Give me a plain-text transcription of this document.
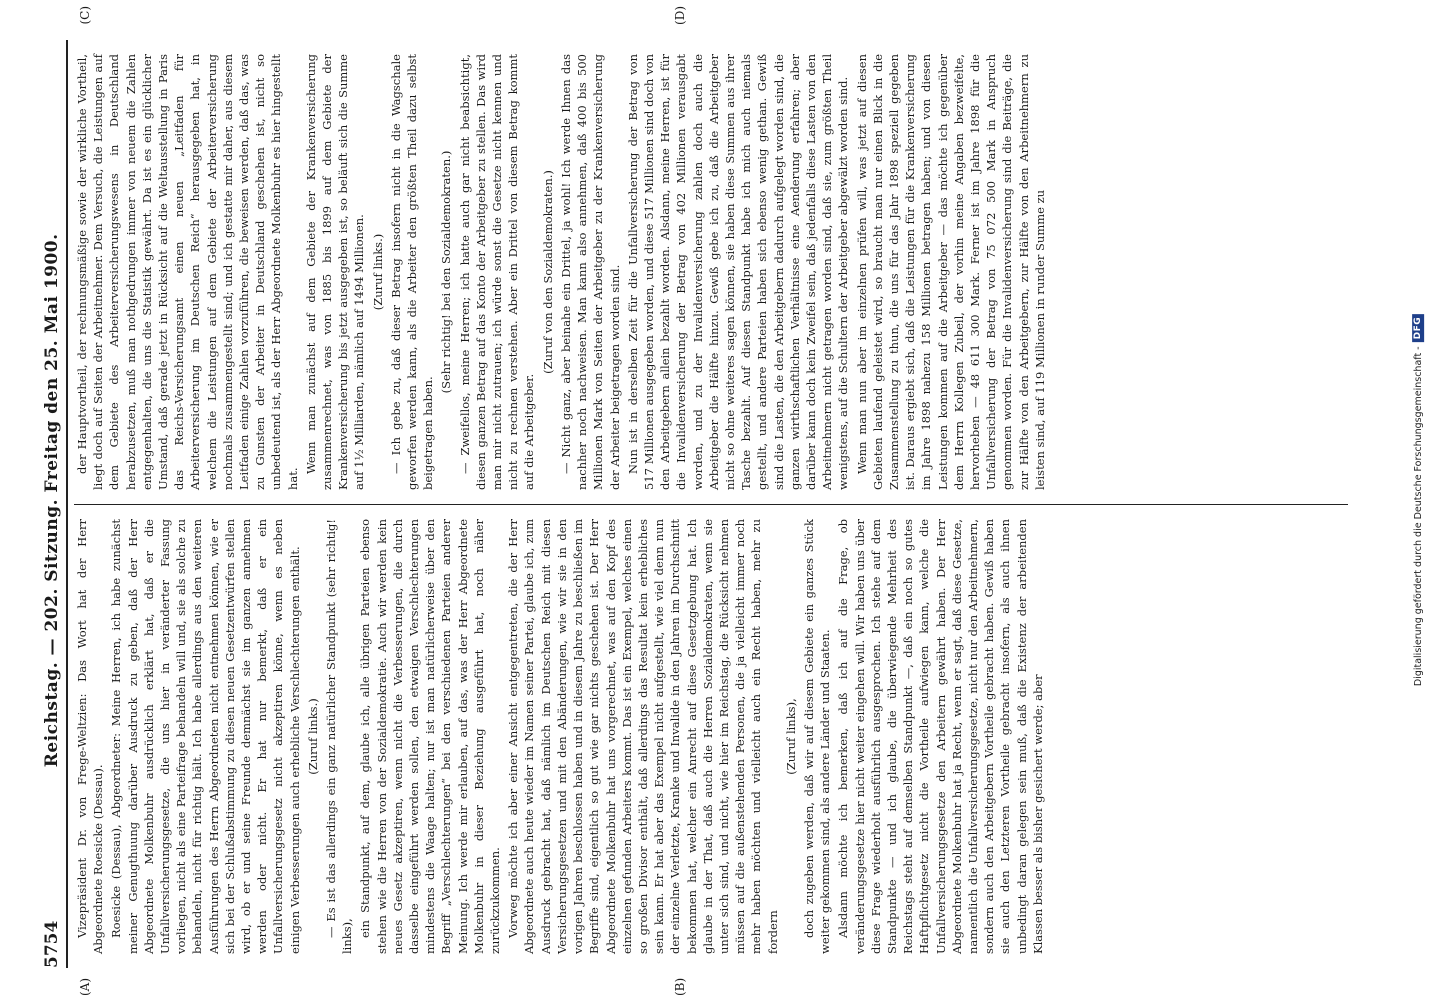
5754
Reichstag. — 202. Sitzung. Freitag den 25. Mai 1900.
(A)	(B)
(C)	(D)

Vizepräsident Dr. von Frege-Weltzien: Das Wort hat der Herr Abgeordnete Roesicke (Dessau). Roesicke (Dessau), Abgeordneter: Meine Herren, ich habe zunächst meiner Genugthuung darüber Ausdruck zu geben, daß der Herr Abgeordnete Molkenbuhr ausdrücklich erklärt hat, daß er die Unfallversicherungsgesetze, die uns hier in veränderter Fassung vorliegen, nicht als eine Parteifrage behandeln will und, sie als solche zu behandeln, nicht für richtig hält. Ich habe allerdings aus den weiteren Ausführungen des Herrn Abgeordneten nicht entnehmen können, wie er sich bei der Schlußabstimmung zu diesen neuen Gesetzentwürfen stellen wird, ob er und seine Freunde demnächst sie im ganzen annehmen werden oder nicht. Er hat nur bemerkt, daß er ein Unfallversicherungsgesetz nicht akzeptiren könne, wenn es neben einigen Verbesserungen auch erhebliche Verschlechterungen enthält. (Zuruf links.) — Es ist das allerdings ein ganz natürlicher Standpunkt (sehr richtig! links), ein Standpunkt, auf dem, glaube ich, alle übrigen Parteien ebenso stehen wie die Herren von der Sozialdemokratie. Auch wir werden kein neues Gesetz akzeptiren, wenn nicht die Verbesserungen, die durch dasselbe eingeführt werden sollen, den etwaigen Verschlechterungen mindestens die Waage halten; nur ist man natürlicherweise über den Begriff „Verschlechterungen“ bei den verschiedenen Parteien anderer Meinung. Ich werde mir erlauben, auf das, was der Herr Abgeordnete Molkenbuhr in dieser Beziehung ausgeführt hat, noch näher zurückzukommen. Vorweg möchte ich aber einer Ansicht entgegentreten, die der Herr Abgeordnete auch heute wieder im Namen seiner Partei, glaube ich, zum Ausdruck gebracht hat, daß nämlich im Deutschen Reich mit diesen Versicherungsgesetzen und mit den Abänderungen, wie wir sie in den vorigen Jahren beschlossen haben und in diesem Jahre zu beschließen im Begriffe sind, eigentlich so gut wie gar nichts geschehen ist. Der Herr Abgeordnete Molkenbuhr hat uns vorgerechnet, was auf den Kopf des einzelnen gefunden Arbeiters kommt. Das ist ein Exempel, welches einen so großen Divisor enthält, daß allerdings das Resultat kein erhebliches sein kann. Er hat aber das Exempel nicht aufgestellt, wie viel denn nun der einzelne Verletzte, Kranke und Invalide in den Jahren im Durchschnitt bekommen hat, welcher ein Anrecht auf diese Gesetzgebung hat. Ich glaube in der That, daß auch die Herren Sozialdemokraten, wenn sie unter sich sind, und nicht, wie hier im Reichstag, die Rücksicht nehmen müssen auf die außenstehenden Personen, die ja vielleicht immer noch mehr haben möchten und vielleicht auch ein Recht haben, mehr zu fordern

(Zuruf links), doch zugeben werden, daß wir auf diesem Gebiete ein ganzes Stück weiter gekommen sind, als andere Länder und Staaten. Alsdann möchte ich bemerken, daß ich auf die Frage, ob veränderungsgesetze hier nicht weiter eingehen will. Wir haben uns über diese Frage wiederholt ausführlich ausgesprochen. Ich stehe auf dem Standpunkte — und ich glaube, die überwiegende Mehrheit des Reichstags steht auf demselben Standpunkt —, daß ein noch so gutes Haftpflichtgesetz nicht die Vortheile aufwiegen kann, welche die Unfallversicherungsgesetze den Arbeitern gewährt haben. Der Herr Abgeordnete Molkenbuhr hat ja Recht, wenn er sagt, daß diese Gesetze, namentlich die Unfallversicherungsgesetze, nicht nur den Arbeitnehmern, sondern auch den Arbeitgebern Vortheile gebracht haben. Gewiß haben sie auch den Letzteren Vortheile gebracht insofern, als auch ihnen unbedingt daran gelegen sein muß, daß die Existenz der arbeitenden Klassen besser als bisher gesichert werde; aber

der Hauptvortheil, der rechnungsmäßige sowie der wirkliche Vortheil, liegt doch auf Seiten der Arbeitnehmer. Dem Versuch, die Leistungen auf dem Gebiete des Arbeiterversicherungswesens in Deutschland herabzusetzen, muß man nothgedrungen immer von neuem die Zahlen entgegenhalten, die uns die Statistik gewährt. Da ist es ein glücklicher Umstand, daß gerade jetzt in Rücksicht auf die Weltausstellung in Paris das Reichs-Versicherungsamt einen neuen „Leitfaden für Arbeiterversicherung im Deutschen Reich“ herausgegeben hat, in welchem die Leistungen auf dem Gebiete der Arbeiterversicherung nochmals zusammengestellt sind; und ich gestatte mir daher, aus diesem Leitfaden einige Zahlen vorzuführen, die beweisen werden, daß das, was zu Gunsten der Arbeiter in Deutschland geschehen ist, nicht so unbedeutend ist, als der Herr Abgeordnete Molkenbuhr es hier hingestellt hat.

Wenn man zunächst auf dem Gebiete der Krankenversicherung zusammenrechnet, was von 1885 bis 1899 auf dem Gebiete der Krankenversicherung bis jetzt ausgegeben ist, so beläuft sich die Summe auf 1½ Milliarden, nämlich auf 1494 Millionen. (Zuruf links.) — Ich gebe zu, daß dieser Betrag insofern nicht in die Wagschale geworfen werden kann, als die Arbeiter den größten Theil dazu selbst beigetragen haben.

(Sehr richtig! bei den Sozialdemokraten.) — Zweifellos, meine Herren; ich hatte auch gar nicht beabsichtigt, diesen ganzen Betrag auf das Konto der Arbeitgeber zu stellen. Das wird man mir nicht zutrauen; ich würde sonst die Gesetze nicht kennen und nicht zu rechnen verstehen. Aber ein Drittel von diesem Betrag kommt auf die Arbeitgeber.

(Zuruf von den Sozialdemokraten.) — Nicht ganz, aber beinahe ein Drittel, ja wohl! Ich werde Ihnen das nachher noch nachweisen. Man kann also annehmen, daß 400 bis 500 Millionen Mark von Seiten der Arbeitgeber zu der Krankenversicherung der Arbeiter beigetragen worden sind. Nun ist in derselben Zeit für die Unfallversicherung der Betrag von 517 Millionen ausgegeben worden, und diese 517 Millionen sind doch von den Arbeitgebern allein bezahlt worden. Alsdann, meine Herren, ist für die Invalidenversicherung der Betrag von 402 Millionen verausgabt worden, und zu der Invalidenversicherung zahlen doch auch die Arbeitgeber die Hälfte hinzu. Gewiß gebe ich zu, daß die Arbeitgeber nicht so ohne weiteres sagen können, sie haben diese Summen aus ihrer Tasche bezahlt. Auf diesen Standpunkt habe ich mich auch niemals gestellt, und andere Parteien haben sich ebenso wenig gethan. Gewiß sind die Lasten, die den Arbeitgebern dadurch aufgelegt worden sind, die ganzen wirthschaftlichen Verhältnisse eine Aenderung erfahren; aber darüber kann doch kein Zweifel sein, daß jedenfalls diese Lasten von den Arbeitnehmern nicht getragen worden sind, daß sie, zum größten Theil wenigstens, auf die Schultern der Arbeitgeber abgewälzt worden sind. Wenn man nun aber im einzelnen prüfen will, was jetzt auf diesen Gebieten laufend geleistet wird, so braucht man nur einen Blick in die Zusammenstellung zu thun, die uns für das Jahr 1898 speziell gegeben ist. Daraus ergiebt sich, daß die Leistungen für die Krankenversicherung im Jahre 1898 nahezu 158 Millionen betragen haben; und von diesen Leistungen kommen auf die Arbeitgeber — das möchte ich gegenüber dem Herrn Kollegen Zubeil, der vorhin meine Angaben bezweifelte, hervorheben — 48 611 300 Mark. Ferner ist im Jahre 1898 für die Unfallversicherung der Betrag von 75 072 500 Mark in Anspruch genommen worden. Für die Invalidenversicherung sind die Beiträge, die zur Hälfte von den Arbeitgebern, zur Hälfte von den Arbeitnehmern zu leisten sind, auf 119 Millionen in runder Summe zu

Digitalisierung gefördert durch die Deutsche Forschungsgemeinschaft -
DFG
